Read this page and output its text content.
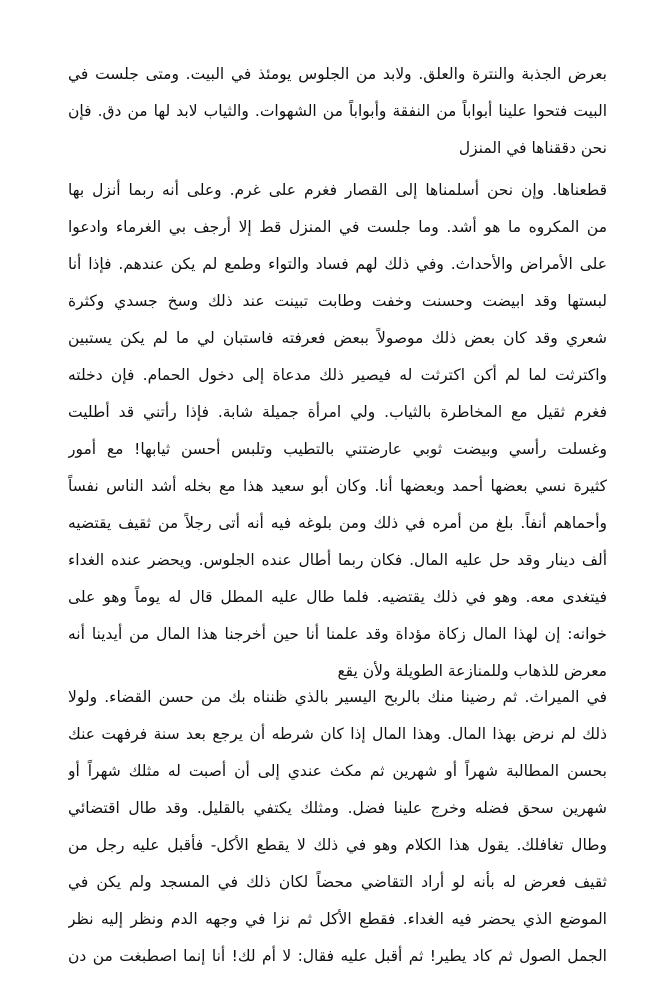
بعرض الجذبة والنترة والعلق. ولابد من الجلوس يومئذ في البيت. ومتى جلست في
البيت فتحوا علينا أبواباً من النفقة وأبواباً من الشهوات. والثياب لابد لها من دق. فإن
نحن دققناها في المنزل
قطعناها. وإن نحن أسلمناها إلى القصار فغرم على غرم. وعلى أنه ربما أنزل بها
من المكروه ما هو أشد. وما جلست في المنزل قط إلا أرجف بي الغرماء وادعوا
على الأمراض والأحداث. وفي ذلك لهم فساد والتواء وطمع لم يكن عندهم. فإذا أنا
لبستها وقد ابيضت وحسنت وخفت وطابت تبينت عند ذلك وسخ جسدي وكثرة
شعري وقد كان بعض ذلك موصولاً ببعض فعرفته فاستبان لي ما لم يكن يستبين
واكترثت لما لم أكن اكترثت له فيصير ذلك مدعاة إلى دخول الحمام. فإن دخلته
فغرم ثقيل مع المخاطرة بالثياب. ولي امرأة جميلة شابة. فإذا رأتني قد أطليت
وغسلت رأسي وبيضت ثوبي عارضتني بالتطيب وتلبس أحسن ثيابها! مع أمور
كثيرة نسي بعضها أحمد وبعضها أنا. وكان أبو سعيد هذا مع بخله أشد الناس نفساً
وأحماهم أنفاً. بلغ من أمره في ذلك ومن بلوغه فيه أنه أتى رجلاً من ثقيف يقتضيه
ألف دينار وقد حل عليه المال. فكان ربما أطال عنده الجلوس. ويحضر عنده الغداء
فيتغدى معه. وهو في ذلك يقتضيه. فلما طال عليه المطل قال له يوماً وهو على
خوانه: إن لهذا المال زكاة مؤداة وقد علمنا أنا حين أخرجنا هذا المال من أيدينا أنه
معرض للذهاب وللمنازعة الطويلة ولأن يقع
في الميراث. ثم رضينا منك بالربح اليسير بالذي ظنناه بك من حسن القضاء. ولولا
ذلك لم نرض بهذا المال. وهذا المال إذا كان شرطه أن يرجع بعد سنة فرفهت عنك
بحسن المطالبة شهراً أو شهرين ثم مكث عندي إلى أن أصبت له مثلك شهراً أو
شهرين سحق فضله وخرج علينا فضل. ومثلك يكتفي بالقليل. وقد طال اقتضائي
وطال تغافلك. يقول هذا الكلام وهو في ذلك لا يقطع الأكل- فأقبل عليه رجل من
ثقيف فعرض له بأنه لو أراد التقاضي محضاً لكان ذلك في المسجد ولم يكن في
الموضع الذي يحضر فيه الغداء. فقطع الأكل ثم نزا في وجهه الدم ونظر إليه نظر
الجمل الصول ثم كاد يطير! ثم أقبل عليه فقال: لا أم لك! أنا إنما اصطبغت من دن
